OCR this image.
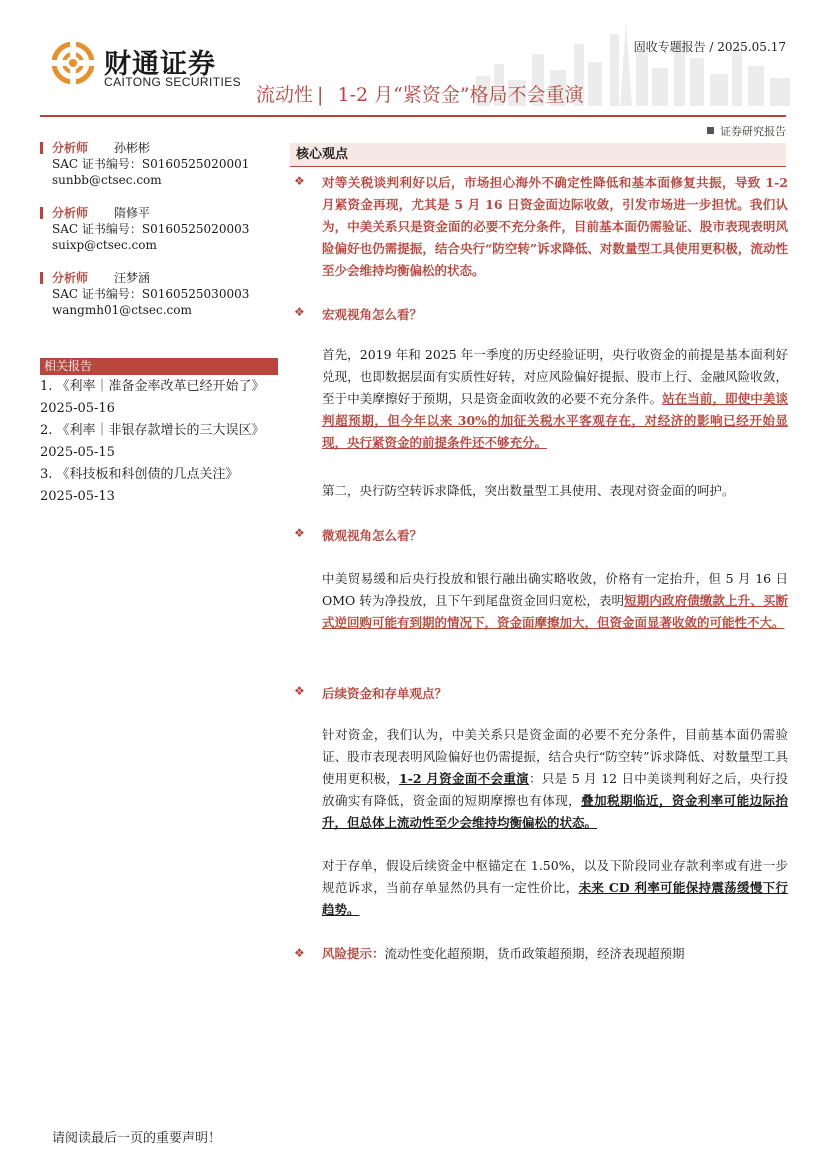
财通证券
CAITONG SECURITIES
固收专题报告 / 2025.05.17
流动性 | 1-2 月“紧资金”格局不会重演
证券研究报告
分析师 孙彬彬
SAC 证书编号：S0160525020001
sunbb@ctsec.com
分析师 隋修平
SAC 证书编号：S0160525020003
suixp@ctsec.com
分析师 汪梦涵
SAC 证书编号：S0160525030003
wangmh01@ctsec.com
相关报告
1. 《利率｜准备金率改革已经开始了》
2025-05-16
2. 《利率｜非银存款增长的三大误区》
2025-05-15
3. 《科技板和科创债的几点关注》
2025-05-13
核心观点
❖ 对等关税谈判利好以后，市场担心海外不确定性降低和基本面修复共振，导致 1-2 月紧资金再现，尤其是 5 月 16 日资金面边际收敛，引发市场进一步担忧。我们认为，中美关系只是资金面的必要不充分条件，目前基本面仍需验证、股市表现表明风险偏好也仍需提振，结合央行“防空转”诉求降低、对数量型工具使用更积极，流动性至少会维持均衡偏松的状态。
❖ 宏观视角怎么看？
首先，2019 年和 2025 年一季度的历史经验证明，央行收资金的前提是基本面利好兑现，也即数据层面有实质性好转，对应风险偏好提振、股市上行、金融风险收敛，至于中美摩擦好于预期，只是资金面收敛的必要不充分条件。站在当前，即使中美谈判超预期，但今年以来 30%的加征关税水平客观存在，对经济的影响已经开始显现，央行紧资金的前提条件还不够充分。
第二，央行防空转诉求降低，突出数量型工具使用、表现对资金面的呵护。
❖ 微观视角怎么看？
中美贸易缓和后央行投放和银行融出确实略收敛，价格有一定抬升，但 5 月 16 日 OMO 转为净投放，且下午到尾盘资金回归宽松，表明短期内政府债缴款上升、买断式逆回购可能有到期的情况下，资金面摩擦加大，但资金面显著收敛的可能性不大。
❖ 后续资金和存单观点？
针对资金，我们认为，中美关系只是资金面的必要不充分条件，目前基本面仍需验证、股市表现表明风险偏好也仍需提振，结合央行“防空转”诉求降低、对数量型工具使用更积极，1-2 月资金面不会重演：只是 5 月 12 日中美谈判利好之后，央行投放确实有降低，资金面的短期摩擦也有体现，叠加税期临近，资金利率可能边际抬升，但总体上流动性至少会维持均衡偏松的状态。
对于存单，假设后续资金中枢锚定在 1.50%，以及下阶段同业存款利率或有进一步规范诉求，当前存单显然仍具有一定性价比，未来 CD 利率可能保持震荡缓慢下行趋势。
❖ 风险提示：流动性变化超预期，货币政策超预期，经济表现超预期
请阅读最后一页的重要声明！
